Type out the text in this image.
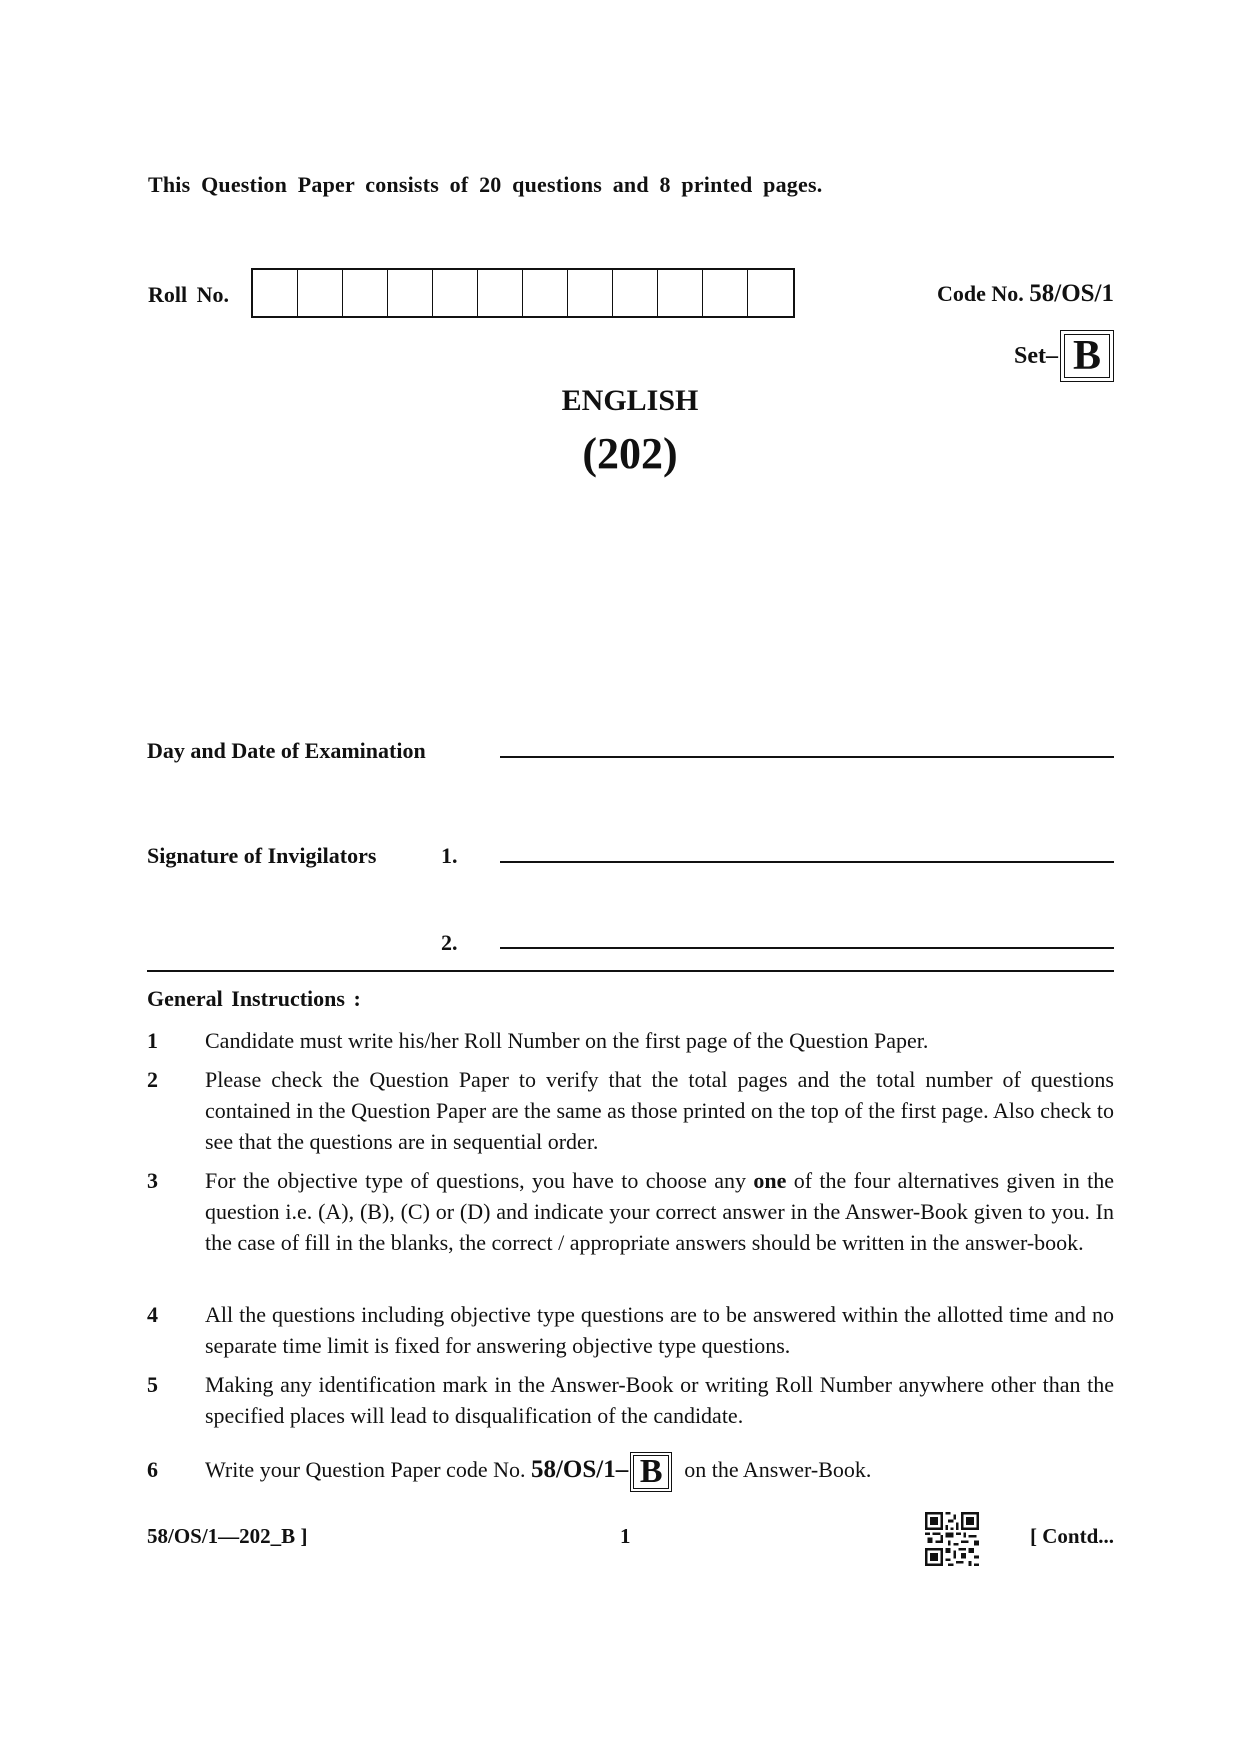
This Question Paper consists of 20 questions and 8 printed pages.
Roll No.	Code No. 58/OS/1
Set– B
ENGLISH
(202)
Day and Date of Examination
Signature of Invigilators	1.
2.
General Instructions :
1	Candidate must write his/her Roll Number on the first page of the Question Paper.
2	Please check the Question Paper to verify that the total pages and the total number of questions contained in the Question Paper are the same as those printed on the top of the first page. Also check to see that the questions are in sequential order.
3	For the objective type of questions, you have to choose any one of the four alternatives given in the question i.e. (A), (B), (C) or (D) and indicate your correct answer in the Answer-Book given to you. In the case of fill in the blanks, the correct / appropriate answers should be written in the answer-book.
4	All the questions including objective type questions are to be answered within the allotted time and no separate time limit is fixed for answering objective type questions.
5	Making any identification mark in the Answer-Book or writing Roll Number anywhere other than the specified places will lead to disqualification of the candidate.
6	Write your Question Paper code No. 58/OS/1– B on the Answer-Book.
58/OS/1—202_B ]	1	[ Contd...
